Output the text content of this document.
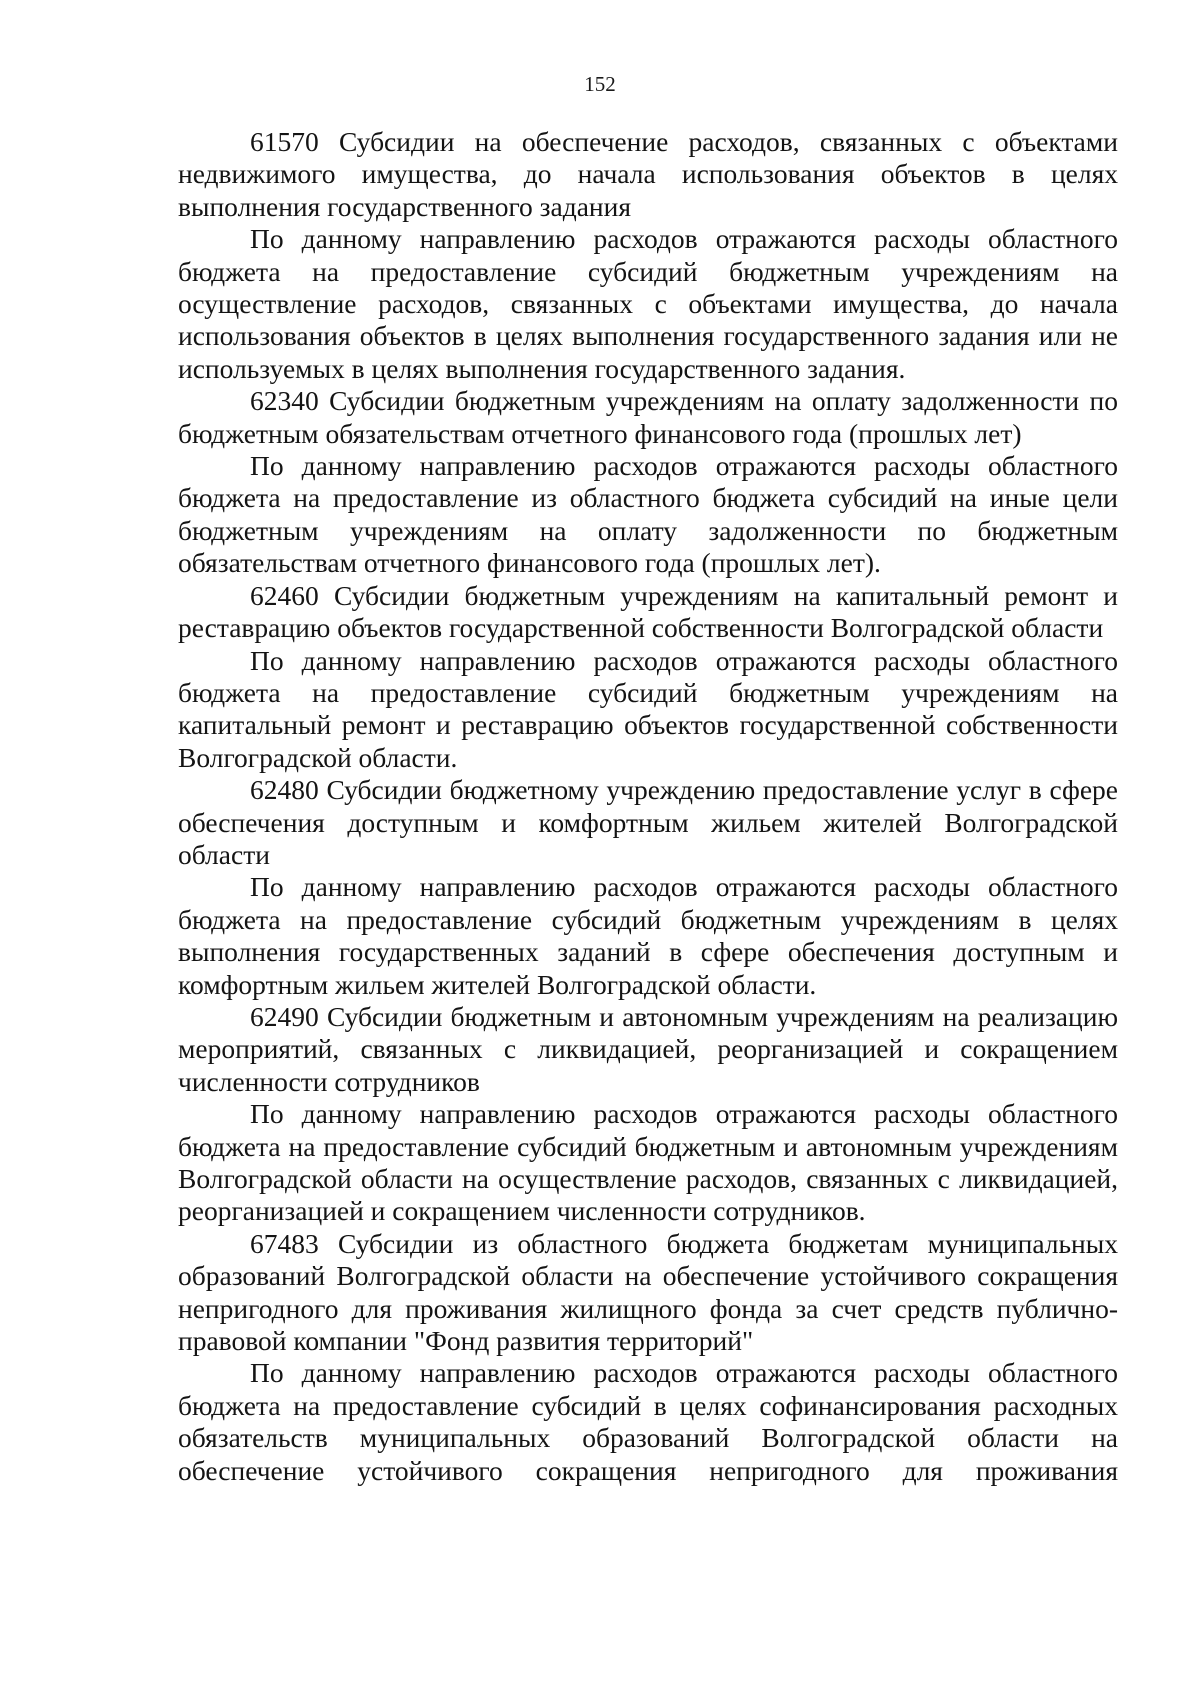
152

61570 Субсидии на обеспечение расходов, связанных с объектами недвижимого имущества, до начала использования объектов в целях выполнения государственного задания

По данному направлению расходов отражаются расходы областного бюджета на предоставление субсидий бюджетным учреждениям на осуществление расходов, связанных с объектами имущества, до начала использования объектов в целях выполнения государственного задания или не используемых в целях выполнения государственного задания.

62340 Субсидии бюджетным учреждениям на оплату задолженности по бюджетным обязательствам отчетного финансового года (прошлых лет)

По данному направлению расходов отражаются расходы областного бюджета на предоставление из областного бюджета субсидий на иные цели бюджетным учреждениям на оплату задолженности по бюджетным обязательствам отчетного финансового года (прошлых лет).

62460 Субсидии бюджетным учреждениям на капитальный ремонт и реставрацию объектов государственной собственности Волгоградской области

По данному направлению расходов отражаются расходы областного бюджета на предоставление субсидий бюджетным учреждениям на капитальный ремонт и реставрацию объектов государственной собственности Волгоградской области.

62480 Субсидии бюджетному учреждению предоставление услуг в сфере обеспечения доступным и комфортным жильем жителей Волгоградской области

По данному направлению расходов отражаются расходы областного бюджета на предоставление субсидий бюджетным учреждениям в целях выполнения государственных заданий в сфере обеспечения доступным и комфортным жильем жителей Волгоградской области.

62490 Субсидии бюджетным и автономным учреждениям на реализацию мероприятий, связанных с ликвидацией, реорганизацией и сокращением численности сотрудников

По данному направлению расходов отражаются расходы областного бюджета на предоставление субсидий бюджетным и автономным учреждениям Волгоградской области на осуществление расходов, связанных с ликвидацией, реорганизацией и сокращением численности сотрудников.

67483 Субсидии из областного бюджета бюджетам муниципальных образований Волгоградской области на обеспечение устойчивого сокращения непригодного для проживания жилищного фонда за счет средств публично-правовой компании "Фонд развития территорий"

По данному направлению расходов отражаются расходы областного бюджета на предоставление субсидий в целях софинансирования расходных обязательств муниципальных образований Волгоградской области на обеспечение устойчивого сокращения непригодного для проживания
